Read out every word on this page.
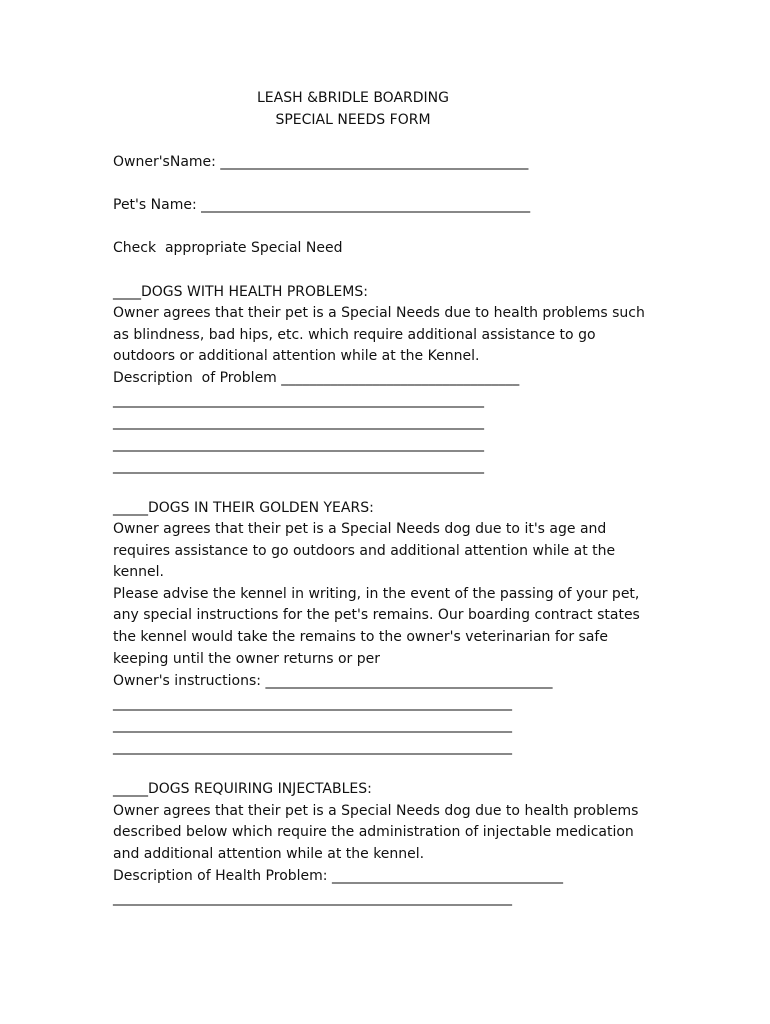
LEASH &BRIDLE BOARDING
SPECIAL NEEDS FORM
Owner'sName: ____________________________________________
Pet's Name: _______________________________________________
Check  appropriate Special Need
____DOGS WITH HEALTH PROBLEMS:
Owner agrees that their pet is a Special Needs due to health problems such
as blindness, bad hips, etc. which require additional assistance to go
outdoors or additional attention while at the Kennel.
Description  of Problem __________________________________
_____________________________________________________
_____________________________________________________
_____________________________________________________
_____________________________________________________
_____DOGS IN THEIR GOLDEN YEARS:
Owner agrees that their pet is a Special Needs dog due to it's age and
requires assistance to go outdoors and additional attention while at the
kennel.
Please advise the kennel in writing, in the event of the passing of your pet,
any special instructions for the pet's remains. Our boarding contract states
the kennel would take the remains to the owner's veterinarian for safe
keeping until the owner returns or per
Owner's instructions: _________________________________________
_________________________________________________________
_________________________________________________________
_________________________________________________________
_____DOGS REQUIRING INJECTABLES:
Owner agrees that their pet is a Special Needs dog due to health problems
described below which require the administration of injectable medication
and additional attention while at the kennel.
Description of Health Problem: _________________________________
_________________________________________________________
